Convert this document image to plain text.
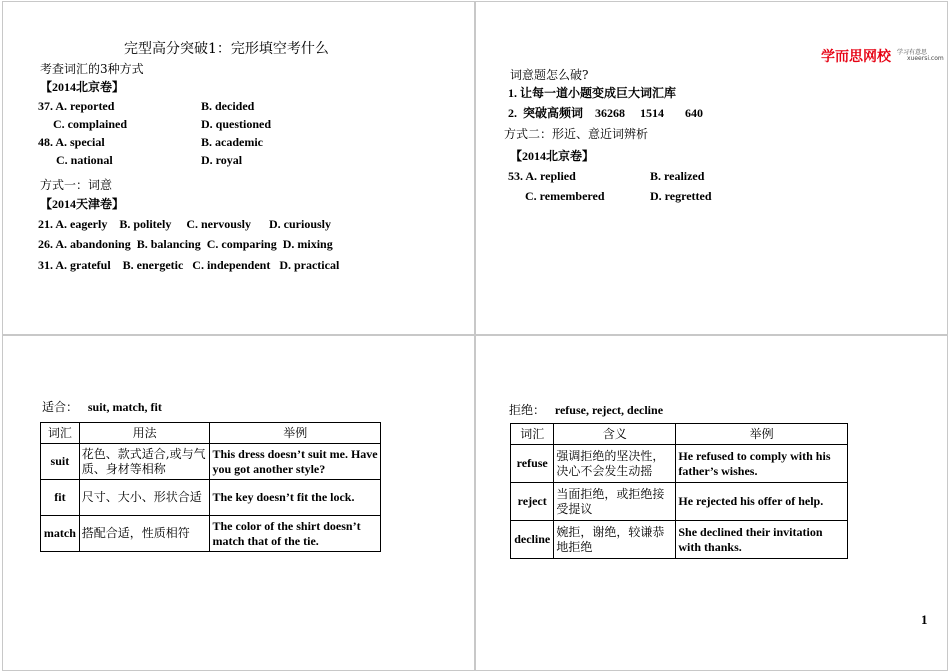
完型高分突破1：完形填空考什么
考查词汇的3种方式
【2014北京卷】
37. A. reported	B. decided
C. complained	D. questioned
48. A. special	B. academic
C. national	D. royal
方式一：词意
【2014天津卷】
21. A. eagerly    B. politely     C. nervously      D. curiously
26. A. abandoning  B. balancing  C. comparing  D. mixing
31. A. grateful    B. energetic   C. independent   D. practical
学而思网校 学习有意思
xueersi.com
词意题怎么破?
1. 让每一道小题变成巨大词汇库
2.  突破高频词    36268     1514       640
方式二：形近、意近词辨析
【2014北京卷】
53. A. replied	B. realized
C. remembered	D. regretted
适合： suit, match, fit
词汇	用法	举例
suit	花色、款式适合,或与气质、身材等相称	This dress doesn’t suit me. Have you got another style?
fit	尺寸、大小、形状合适	The key doesn’t fit the lock.
match	搭配合适，性质相符	The color of the shirt doesn’t match that of the tie.
拒绝： refuse, reject, decline
词汇	含义	举例
refuse	强调拒绝的坚决性，决心不会发生动摇	He refused to comply with his father’s wishes.
reject	当面拒绝，或拒绝接受提议	He rejected his offer of help.
decline	婉拒，谢绝，较谦恭地拒绝	She declined their invitation with thanks.
1
